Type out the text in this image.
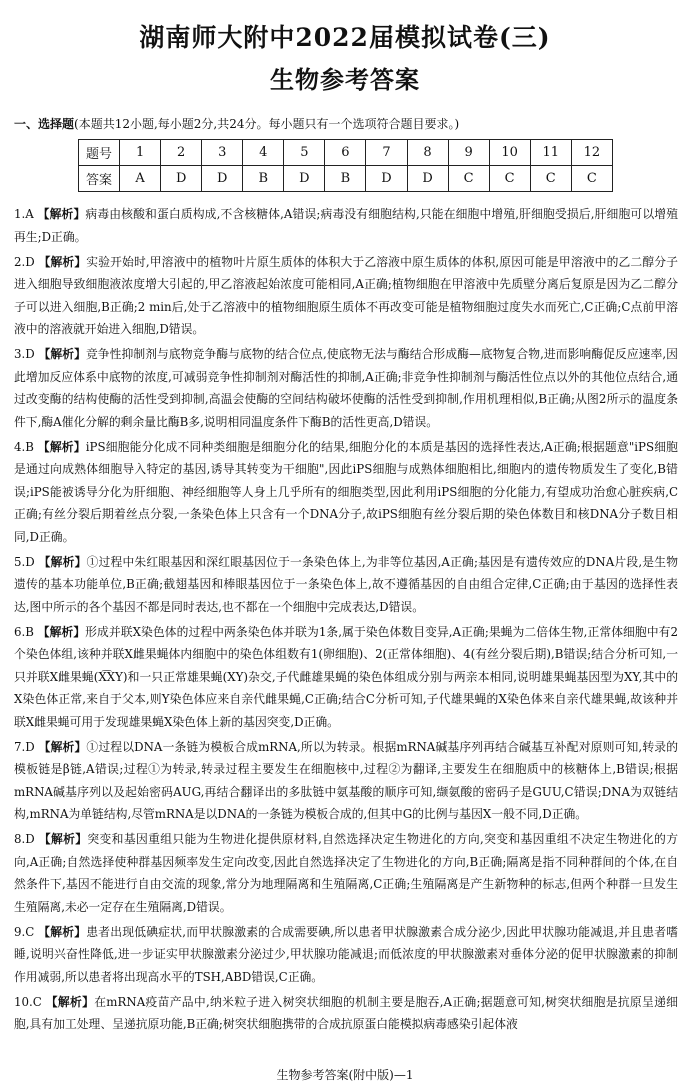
湖南师大附中2022届模拟试卷(三)
生物参考答案
一、选择题(本题共12小题,每小题2分,共24分。每小题只有一个选项符合题目要求。)
题号	1	2	3	4	5	6	7	8	9	10	11	12
答案	A	D	D	B	D	B	D	D	C	C	C	C

1.A 【解析】病毒由核酸和蛋白质构成,不含核糖体,A错误;病毒没有细胞结构,只能在细胞中增殖,肝细胞受损后,肝细胞可以增殖再生;D正确。

2.D 【解析】实验开始时,甲溶液中的植物叶片原生质体的体积大于乙溶液中原生质体的体积,原因可能是甲溶液中的乙二醇分子进入细胞导致细胞液浓度增大引起的,甲乙溶液起始浓度可能相同,A正确;植物细胞在甲溶液中先质壁分离后复原是因为乙二醇分子可以进入细胞,B正确;2 min后,处于乙溶液中的植物细胞原生质体不再改变可能是植物细胞过度失水而死亡,C正确;C点前甲溶液中的溶液就开始进入细胞,D错误。

3.D 【解析】竞争性抑制剂与底物竞争酶与底物的结合位点,使底物无法与酶结合形成酶—底物复合物,进而影响酶促反应速率,因此增加反应体系中底物的浓度,可减弱竞争性抑制剂对酶活性的抑制,A正确;非竞争性抑制剂与酶活性位点以外的其他位点结合,通过改变酶的结构使酶的活性受到抑制,高温会使酶的空间结构破坏使酶的活性受到抑制,作用机理相似,B正确;从图2所示的温度条件下,酶A催化分解的剩余量比酶B多,说明相同温度条件下酶B的活性更高,D错误。

4.B 【解析】iPS细胞能分化成不同种类细胞是细胞分化的结果,细胞分化的本质是基因的选择性表达,A正确;根据题意"iPS细胞是通过向成熟体细胞导入特定的基因,诱导其转变为干细胞",因此iPS细胞与成熟体细胞相比,细胞内的遗传物质发生了变化,B错误;iPS能被诱导分化为肝细胞、神经细胞等人身上几乎所有的细胞类型,因此利用iPS细胞的分化能力,有望成功治愈心脏疾病,C正确;有丝分裂后期着丝点分裂,一条染色体上只含有一个DNA分子,故iPS细胞有丝分裂后期的染色体数目和核DNA分子数目相同,D正确。

5.D 【解析】①过程中朱红眼基因和深红眼基因位于一条染色体上,为非等位基因,A正确;基因是有遗传效应的DNA片段,是生物遗传的基本功能单位,B正确;截翅基因和棒眼基因位于一条染色体上,故不遵循基因的自由组合定律,C正确;由于基因的选择性表达,图中所示的各个基因不都是同时表达,也不都在一个细胞中完成表达,D错误。

6.B 【解析】形成并联X染色体的过程中两条染色体并联为1条,属于染色体数目变异,A正确;果蝇为二倍体生物,正常体细胞中有2个染色体组,该种并联X雌果蝇体内细胞中的染色体组数有1(卵细胞)、2(正常体细胞)、4(有丝分裂后期),B错误;结合分析可知,一只并联X雌果蝇(X͡XY)和一只正常雄果蝇(XY)杂交,子代雌雄果蝇的染色体组成分别与两亲本相同,说明雄果蝇基因型为XY,其中的X染色体正常,来自于父本,则Y染色体应来自亲代雌果蝇,C正确;结合C分析可知,子代雄果蝇的X染色体来自亲代雄果蝇,故该种并联X雌果蝇可用于发现雄果蝇X染色体上新的基因突变,D正确。

7.D 【解析】①过程以DNA一条链为模板合成mRNA,所以为转录。根据mRNA碱基序列再结合碱基互补配对原则可知,转录的模板链是β链,A错误;过程①为转录,转录过程主要发生在细胞核中,过程②为翻译,主要发生在细胞质中的核糖体上,B错误;根据mRNA碱基序列以及起始密码AUG,再结合翻译出的多肽链中氨基酸的顺序可知,缬氨酸的密码子是GUU,C错误;DNA为双链结构,mRNA为单链结构,尽管mRNA是以DNA的一条链为模板合成的,但其中G的比例与基因X一般不同,D正确。

8.D 【解析】突变和基因重组只能为生物进化提供原材料,自然选择决定生物进化的方向,突变和基因重组不决定生物进化的方向,A正确;自然选择使种群基因频率发生定向改变,因此自然选择决定了生物进化的方向,B正确;隔离是指不同种群间的个体,在自然条件下,基因不能进行自由交流的现象,常分为地理隔离和生殖隔离,C正确;生殖隔离是产生新物种的标志,但两个种群一旦发生生殖隔离,未必一定存在生殖隔离,D错误。

9.C 【解析】患者出现低碘症状,而甲状腺激素的合成需要碘,所以患者甲状腺激素合成分泌少,因此甲状腺功能减退,并且患者嗜睡,说明兴奋性降低,进一步证实甲状腺激素分泌过少,甲状腺功能减退;而低浓度的甲状腺激素对垂体分泌的促甲状腺激素的抑制作用减弱,所以患者将出现高水平的TSH,ABD错误,C正确。

10.C 【解析】在mRNA疫苗产品中,纳米粒子进入树突状细胞的机制主要是胞吞,A正确;据题意可知,树突状细胞是抗原呈递细胞,具有加工处理、呈递抗原功能,B正确;树突状细胞携带的合成抗原蛋白能模拟病毒感染引起体液

生物参考答案(附中版)—1
